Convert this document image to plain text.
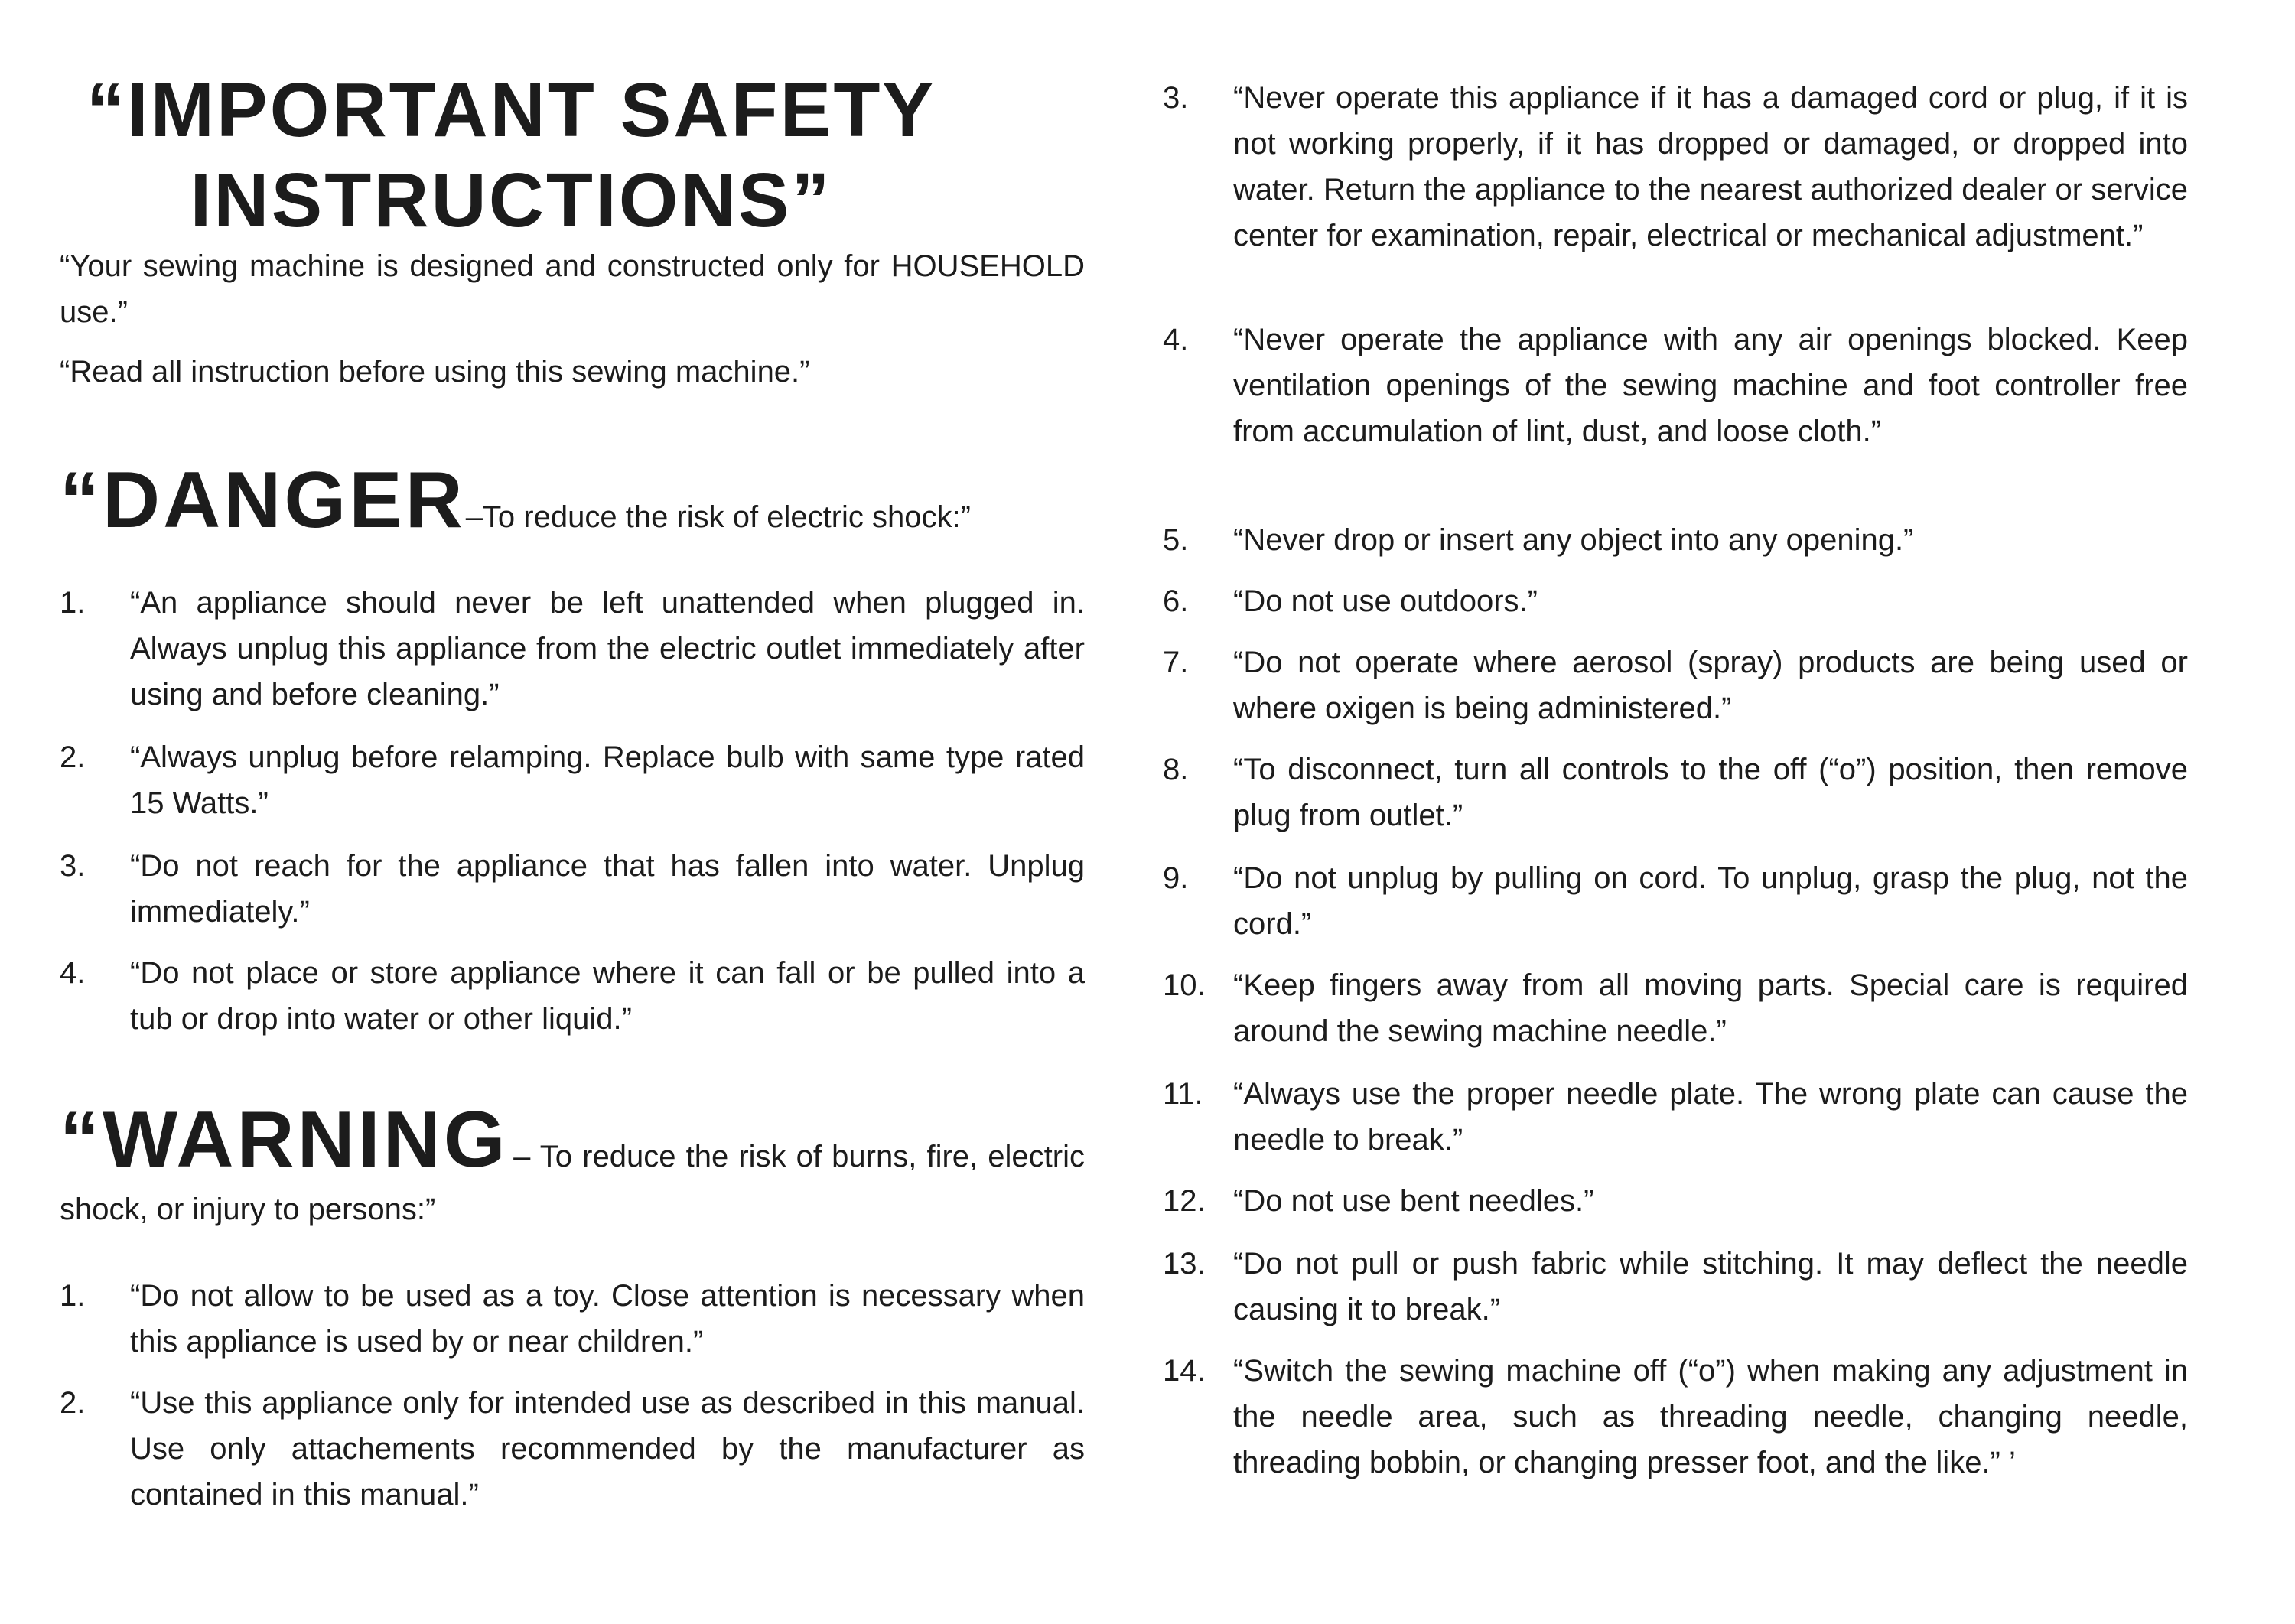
“IMPORTANT SAFETY
INSTRUCTIONS”

“Your sewing machine is designed and constructed only for HOUSEHOLD use.”

“Read all instruction before using this sewing machine.”

“DANGER–To reduce the risk of electric shock:”
1.	“An appliance should never be left unattended when plugged in. Always unplug this appliance from the electric outlet immediately after using and before cleaning.”

2.	“Always unplug before relamping. Replace bulb with same type rated 15 Watts.”

3.	“Do not reach for the appliance that has fallen into water. Unplug immediately.”

4.	“Do not place or store appliance where it can fall or be pulled into a tub or drop into water or other liquid.”

“WARNING – To reduce the risk of burns, fire, electric shock, or injury to persons:”
1.	“Do not allow to be used as a toy. Close attention is necessary when this appliance is used by or near children.”

2.	“Use this appliance only for intended use as described in this manual. Use only attachements recommended by the manufacturer as contained in this manual.”

3.	“Never operate this appliance if it has a damaged cord or plug, if it is not working properly, if it has dropped or damaged, or dropped into water. Return the appliance to the nearest authorized dealer or service center for examination, repair, electrical or mechanical adjustment.”

4.	“Never operate the appliance with any air openings blocked. Keep ventilation openings of the sewing machine and foot controller free from accumulation of lint, dust, and loose cloth.”

5.	“Never drop or insert any object into any opening.”

6.	“Do not use outdoors.”

7.	“Do not operate where aerosol (spray) products are being used or where oxigen is being administered.”

8.	“To disconnect, turn all controls to the off (“o”) position, then remove plug from outlet.”

9.	“Do not unplug by pulling on cord. To unplug, grasp the plug, not the cord.”

10. “Keep fingers away from all moving parts. Special care is required around the sewing machine needle.”

11. “Always use the proper needle plate. The wrong plate can cause the needle to break.”

12. “Do not use bent needles.”

13. “Do not pull or push fabric while stitching. It may deflect the needle causing it to break.”

14. “Switch the sewing machine off (“o”) when making any adjustment in the needle area, such as threading needle, changing needle, threading bobbin, or changing presser foot, and the like.” ’
